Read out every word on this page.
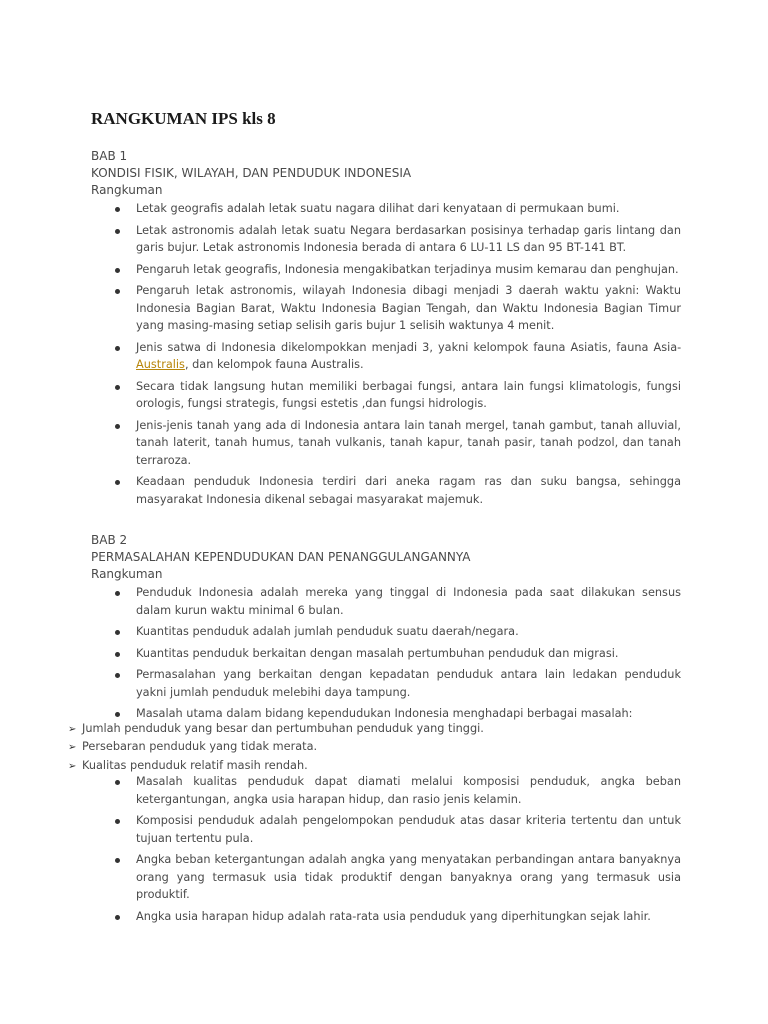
RANGKUMAN IPS kls 8

BAB 1

KONDISI FISIK, WILAYAH, DAN PENDUDUK INDONESIA

Rangkuman

Letak geografis adalah letak suatu nagara dilihat dari kenyataan di permukaan bumi.
Letak astronomis adalah letak suatu Negara berdasarkan posisinya terhadap garis lintang dan garis bujur. Letak astronomis Indonesia berada di antara 6 LU-11 LS dan 95 BT-141 BT.
Pengaruh letak geografis, Indonesia mengakibatkan terjadinya musim kemarau dan penghujan.
Pengaruh letak astronomis, wilayah Indonesia dibagi menjadi 3 daerah waktu yakni: Waktu Indonesia Bagian Barat, Waktu Indonesia Bagian Tengah, dan Waktu Indonesia Bagian Timur yang masing-masing setiap selisih garis bujur 1 selisih waktunya 4 menit.
Jenis satwa di Indonesia dikelompokkan menjadi 3, yakni kelompok fauna Asiatis, fauna Asia-Australis, dan kelompok fauna Australis.
Secara tidak langsung hutan memiliki berbagai fungsi, antara lain fungsi klimatologis, fungsi orologis, fungsi strategis, fungsi estetis ,dan fungsi hidrologis.
Jenis-jenis tanah yang ada di Indonesia antara lain tanah mergel, tanah gambut, tanah alluvial, tanah laterit, tanah humus, tanah vulkanis, tanah kapur, tanah pasir, tanah podzol, dan tanah terraroza.
Keadaan penduduk Indonesia terdiri dari aneka ragam ras dan suku bangsa, sehingga masyarakat Indonesia dikenal sebagai masyarakat majemuk.

BAB 2

PERMASALAHAN KEPENDUDUKAN DAN PENANGGULANGANNYA

Rangkuman

Penduduk Indonesia adalah mereka yang tinggal di Indonesia pada saat dilakukan sensus dalam kurun waktu minimal 6 bulan.
Kuantitas penduduk adalah jumlah penduduk suatu daerah/negara.
Kuantitas penduduk berkaitan dengan masalah pertumbuhan penduduk dan migrasi.
Permasalahan yang berkaitan dengan kepadatan penduduk antara lain ledakan penduduk yakni jumlah penduduk melebihi daya tampung.
Masalah utama dalam bidang kependudukan Indonesia menghadapi berbagai masalah:
➢ Jumlah penduduk yang besar dan pertumbuhan penduduk yang tinggi.
➢ Persebaran penduduk yang tidak merata.
➢ Kualitas penduduk relatif masih rendah.
Masalah kualitas penduduk dapat diamati melalui komposisi penduduk, angka beban ketergantungan, angka usia harapan hidup, dan rasio jenis kelamin.
Komposisi penduduk adalah pengelompokan penduduk atas dasar kriteria tertentu dan untuk tujuan tertentu pula.
Angka beban ketergantungan adalah angka yang menyatakan perbandingan antara banyaknya orang yang termasuk usia tidak produktif dengan banyaknya orang yang termasuk usia produktif.
Angka usia harapan hidup adalah rata-rata usia penduduk yang diperhitungkan sejak lahir.
